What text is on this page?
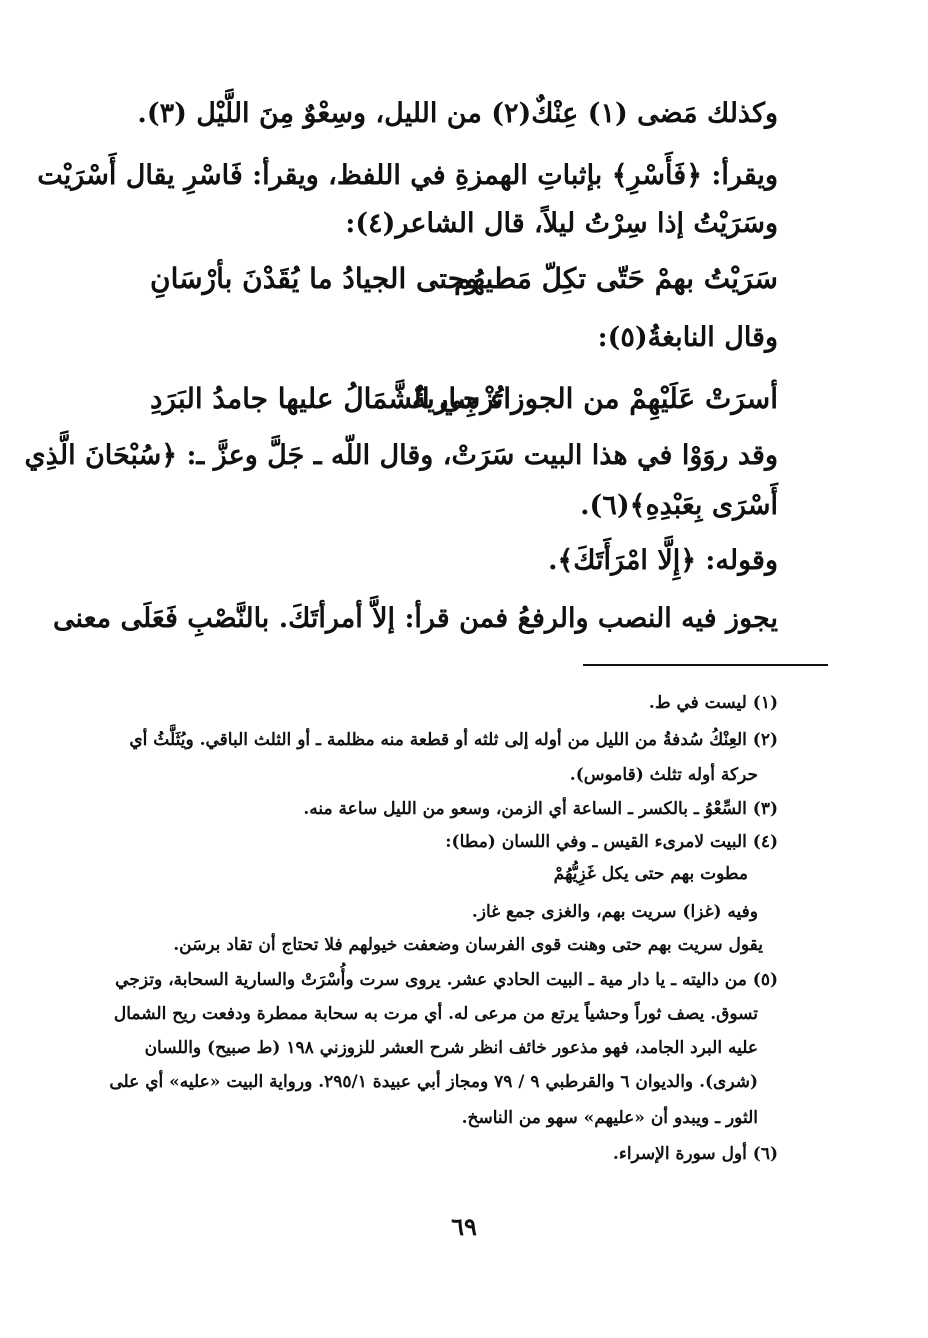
وكذلك مَضى (١) عِنْكٌ(٢) من الليل، وسِعْوٌ مِنَ اللَّيْل (٣).
ويقرأ: ﴿فَأَسْرِ﴾ بإثباتِ الهمزةِ في اللفظ، ويقرأ: فَاسْرِ يقال أَسْرَيْت
وسَرَيْتُ إذا سِرْتُ ليلاً، قال الشاعر(٤):
سَرَيْتُ بهمْ حَتّى تكِلّ مَطيهُم
وحتى الجيادُ ما يُقَدْنَ بأرْسَانِ
وقال النابغةُ(٥):
أسرَتْ عَلَيْهِمْ من الجوزاء ساريةٌ
تُزْجِي الشَّمَالُ عليها جامدُ البَرَدِ
وقد روَوْا في هذا البيت سَرَتْ، وقال اللّه ـ جَلَّ وعزَّ ـ: ﴿سُبْحَانَ الَّذِي
أَسْرَى بِعَبْدِهِ﴾(٦).
وقوله: ﴿إِلَّا امْرَأَتَكَ﴾.
يجوز فيه النصب والرفعُ فمن قرأ: إلاَّ أمرأتَكَ. بالنَّصْبِ فَعَلَى معنى
(١) ليست في ط.
(٢) العِنْكُ سُدفةُ من الليل من أوله إلى ثلثه أو قطعة منه مظلمة ـ أو الثلث الباقي. ويُثَلَّثُ أي
حركة أوله تثلث (قاموس).
(٣) السِّعْوُ ـ بالكسر ـ الساعة أي الزمن، وسعو من الليل ساعة منه.
(٤) البيت لامرىء القيس ـ وفي اللسان (مطا):
مطوت بهم حتى يكل غَزِيُّهُمْ
وفيه (غزا) سريت بهم، والغزى جمع غاز.
يقول سريت بهم حتى وهنت قوى الفرسان وضعفت خيولهم فلا تحتاج أن تقاد برسَن.
(٥) من داليته ـ يا دار مية ـ البيت الحادي عشر. يروى سرت وأُسْرَتْ والسارية السحابة، وتزجي
تسوق. يصف ثوراً وحشياً يرتع من مرعى له. أي مرت به سحابة ممطرة ودفعت ريح الشمال
عليه البرد الجامد، فهو مذعور خائف انظر شرح العشر للزوزني ١٩٨ (ط صبيح) واللسان
(شرى). والديوان ٦ والقرطبي ٩ / ٧٩ ومجاز أبي عبيدة ٢٩٥/١. ورواية البيت «عليه» أي على
الثور ـ ويبدو أن «عليهم» سهو من الناسخ.
(٦) أول سورة الإسراء.
٦٩
